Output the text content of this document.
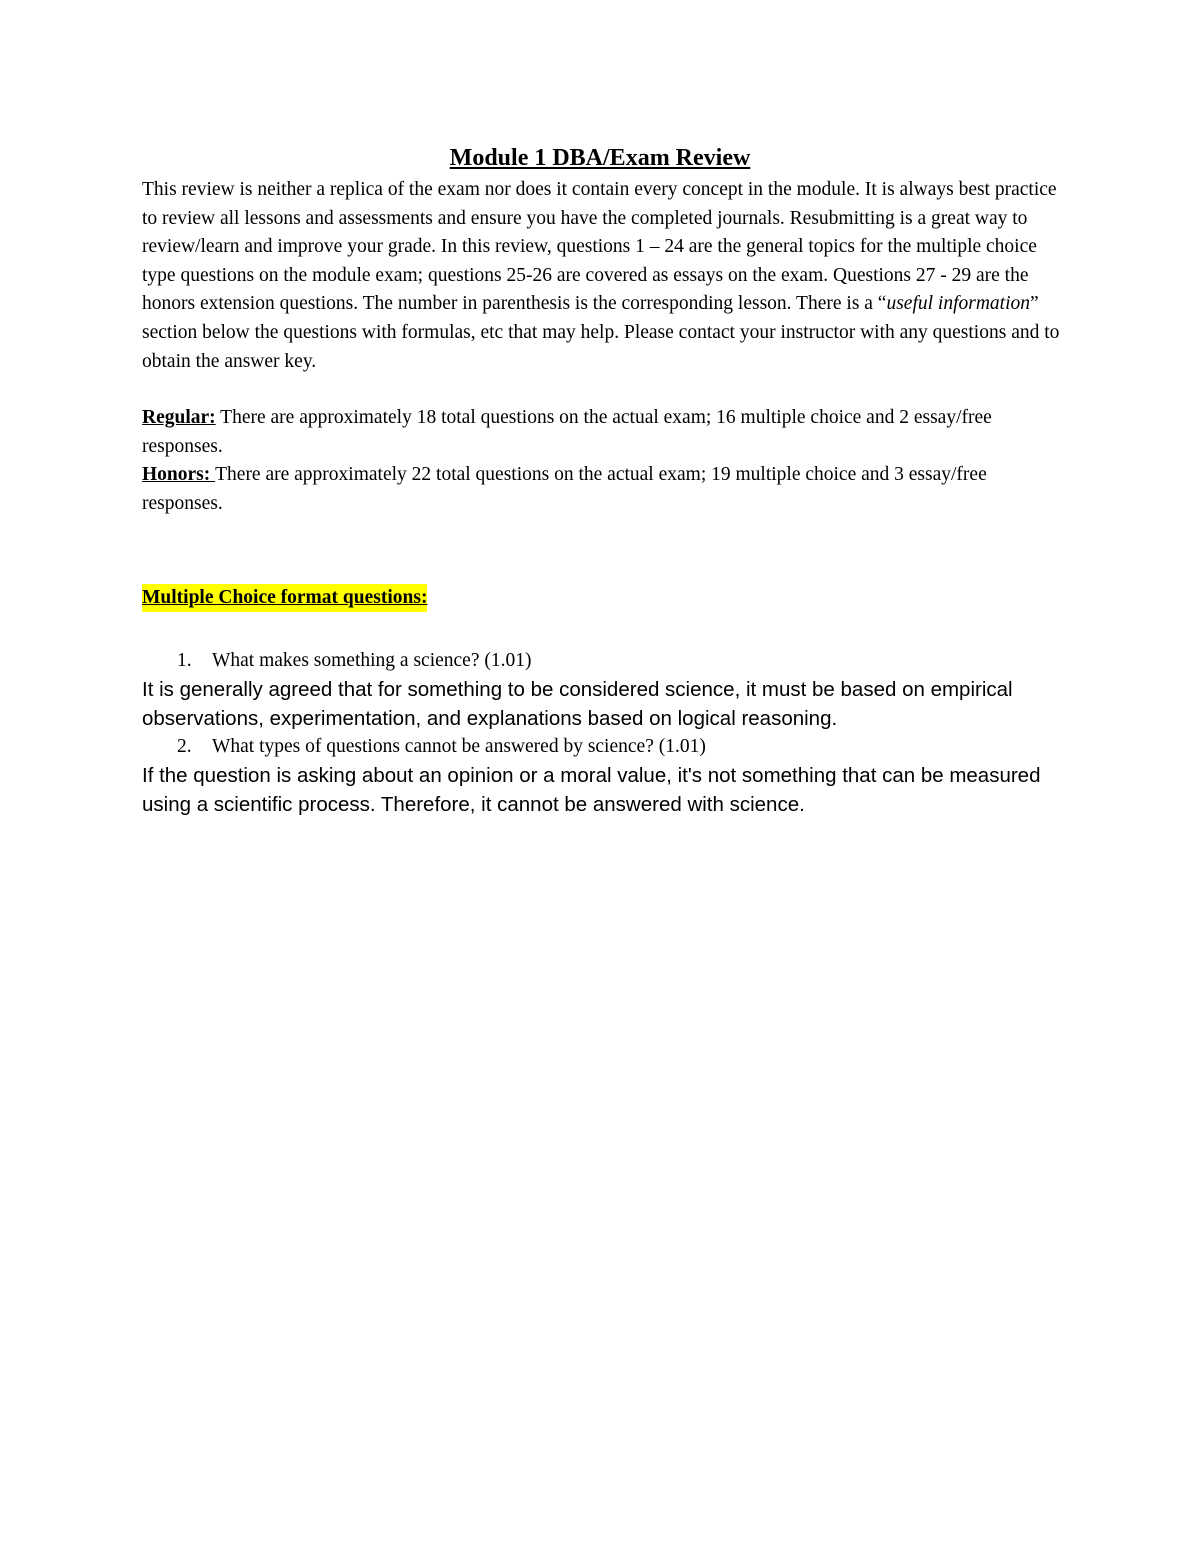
Module 1 DBA/Exam Review

This review is neither a replica of the exam nor does it contain every concept in the module. It is always best practice to review all lessons and assessments and ensure you have the completed journals. Resubmitting is a great way to review/learn and improve your grade. In this review, questions 1 – 24 are the general topics for the multiple choice type questions on the module exam; questions 25-26 are covered as essays on the exam. Questions 27 - 29 are the honors extension questions. The number in parenthesis is the corresponding lesson. There is a “useful information” section below the questions with formulas, etc that may help. Please contact your instructor with any questions and to obtain the answer key.

Regular: There are approximately 18 total questions on the actual exam; 16 multiple choice and 2 essay/free responses.

Honors: There are approximately 22 total questions on the actual exam; 19 multiple choice and 3 essay/free responses.

Multiple Choice format questions:
1. What makes something a science? (1.01)
It is generally agreed that for something to be considered science, it must be based on empirical observations, experimentation, and explanations based on logical reasoning.
2. What types of questions cannot be answered by science? (1.01)
If the question is asking about an opinion or a moral value, it's not something that can be measured using a scientific process. Therefore, it cannot be answered with science.
